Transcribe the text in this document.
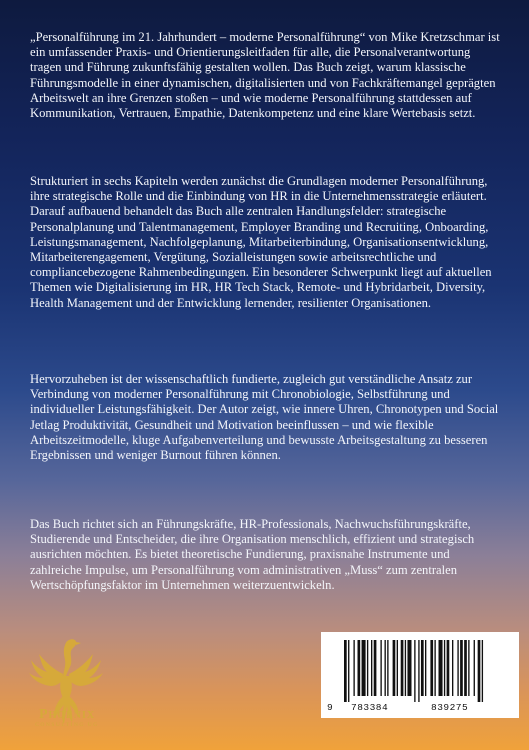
„Personalführung im 21. Jahrhundert – moderne Personalführung“ von Mike Kretzschmar ist ein umfassender Praxis- und Orientierungsleitfaden für alle, die Personalverantwortung tragen und Führung zukunftsfähig gestalten wollen. Das Buch zeigt, warum klassische Führungsmodelle in einer dynamischen, digitalisierten und von Fachkräftemangel geprägten Arbeitswelt an ihre Grenzen stoßen – und wie moderne Personalführung stattdessen auf Kommunikation, Vertrauen, Empathie, Datenkompetenz und eine klare Wertebasis setzt.

Strukturiert in sechs Kapiteln werden zunächst die Grundlagen moderner Personalführung, ihre strategische Rolle und die Einbindung von HR in die Unternehmensstrategie erläutert. Darauf aufbauend behandelt das Buch alle zentralen Handlungsfelder: strategische Personalplanung und Talentmanagement, Employer Branding und Recruiting, Onboarding, Leistungsmanagement, Nachfolgeplanung, Mitarbeiterbindung, Organisationsentwicklung, Mitarbeiterengagement, Vergütung, Sozialleistungen sowie arbeitsrechtliche und compliancebezogene Rahmenbedingungen. Ein besonderer Schwerpunkt liegt auf aktuellen Themen wie Digitalisierung im HR, HR Tech Stack, Remote- und Hybridarbeit, Diversity, Health Management und der Entwicklung lernender, resilienter Organisationen.

Hervorzuheben ist der wissenschaftlich fundierte, zugleich gut verständliche Ansatz zur Verbindung von moderner Personalführung mit Chronobiologie, Selbstführung und individueller Leistungsfähigkeit. Der Autor zeigt, wie innere Uhren, Chronotypen und Social Jetlag Produktivität, Gesundheit und Motivation beeinflussen – und wie flexible Arbeitszeitmodelle, kluge Aufgabenverteilung und bewusste Arbeitsgestaltung zu besseren Ergebnissen und weniger Burnout führen können.

Das Buch richtet sich an Führungskräfte, HR-Professionals, Nachwuchsführungskräfte, Studierende und Entscheider, die ihre Organisation menschlich, effizient und strategisch ausrichten möchten. Es bietet theoretische Fundierung, praxisnahe Instrumente und zahlreiche Impulse, um Personalführung vom administrativen „Muss“ zum zentralen Wertschöpfungsfaktor im Unternehmen weiterzuentwickeln.

Phoenix
CONSULTING UG
9 783384	839275
